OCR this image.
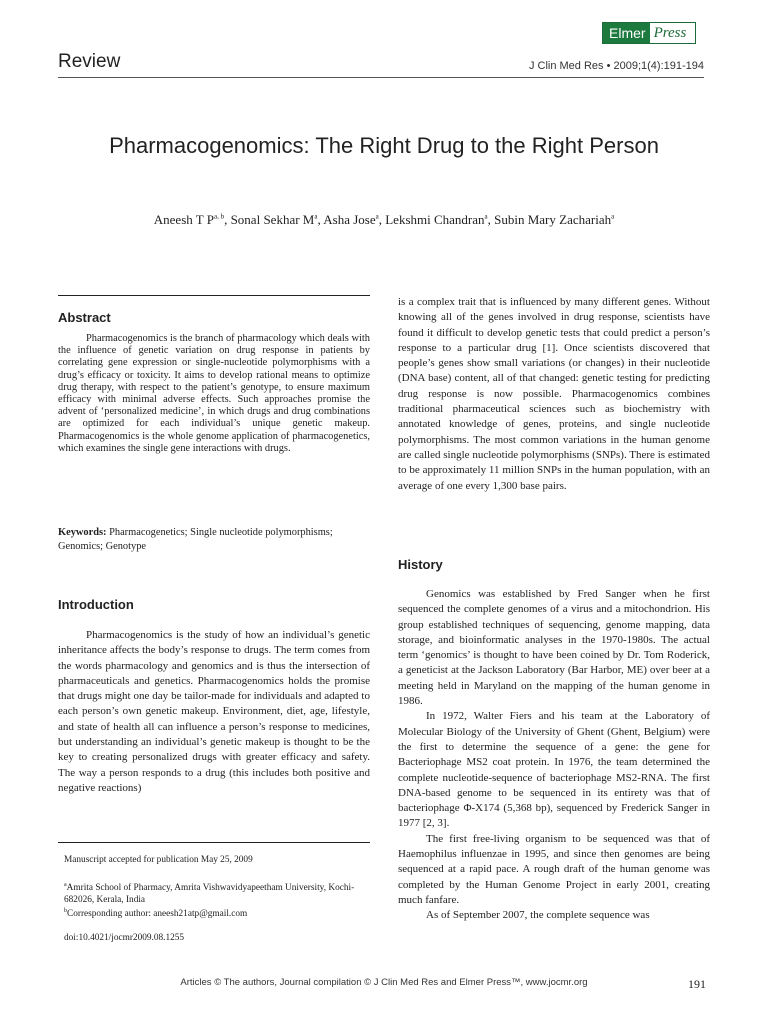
Elmer Press
Review	J Clin Med Res • 2009;1(4):191-194
Pharmacogenomics: The Right Drug to the Right Person
Aneesh T P$^{a, b}$, Sonal Sekhar $M^a$, Asha Jose$^a$, Lekshmi Chandran$^a$, Subin Mary Zachariah$^a$
Abstract
Pharmacogenomics is the branch of pharmacology which deals with the influence of genetic variation on drug response in patients by correlating gene expression or single-nucleotide polymorphisms with a drug’s efficacy or toxicity. It aims to develop rational means to optimize drug therapy, with respect to the patient’s genotype, to ensure maximum efficacy with minimal adverse effects. Such approaches promise the advent of ‘personalized medicine’, in which drugs and drug combinations are optimized for each individual’s unique genetic makeup. Pharmacogenomics is the whole genome application of pharmacogenetics, which examines the single gene interactions with drugs.
Keywords: Pharmacogenetics; Single nucleotide polymorphisms; Genomics; Genotype
Introduction
Pharmacogenomics is the study of how an individual’s genetic inheritance affects the body’s response to drugs. The term comes from the words pharmacology and genomics and is thus the intersection of pharmaceuticals and genetics. Pharmacogenomics holds the promise that drugs might one day be tailor-made for individuals and adapted to each person’s own genetic makeup. Environment, diet, age, lifestyle, and state of health all can influence a person’s response to medicines, but understanding an individual’s genetic makeup is thought to be the key to creating personalized drugs with greater efficacy and safety. The way a person responds to a drug (this includes both positive and negative reactions)
Manuscript accepted for publication May 25, 2009
$^a$Amrita School of Pharmacy, Amrita Vishwavidyapeetham University, Kochi-682026, Kerala, India
$^b$Corresponding author: aneesh21atp@gmail.com
doi:10.4021/jocmr2009.08.1255
is a complex trait that is influenced by many different genes. Without knowing all of the genes involved in drug response, scientists have found it difficult to develop genetic tests that could predict a person’s response to a particular drug [1]. Once scientists discovered that people’s genes show small variations (or changes) in their nucleotide (DNA base) content, all of that changed: genetic testing for predicting drug response is now possible. Pharmacogenomics combines traditional pharmaceutical sciences such as biochemistry with annotated knowledge of genes, proteins, and single nucleotide polymorphisms. The most common variations in the human genome are called single nucleotide polymorphisms (SNPs). There is estimated to be approximately 11 million SNPs in the human population, with an average of one every 1,300 base pairs.
History
Genomics was established by Fred Sanger when he first sequenced the complete genomes of a virus and a mitochondrion. His group established techniques of sequencing, genome mapping, data storage, and bioinformatic analyses in the 1970-1980s. The actual term ‘genomics’ is thought to have been coined by Dr. Tom Roderick, a geneticist at the Jackson Laboratory (Bar Harbor, ME) over beer at a meeting held in Maryland on the mapping of the human genome in 1986.
In 1972, Walter Fiers and his team at the Laboratory of Molecular Biology of the University of Ghent (Ghent, Belgium) were the first to determine the sequence of a gene: the gene for Bacteriophage MS2 coat protein. In 1976, the team determined the complete nucleotide-sequence of bacteriophage MS2-RNA. The first DNA-based genome to be sequenced in its entirety was that of bacteriophage Φ-X174 (5,368 bp), sequenced by Frederick Sanger in 1977 [2, 3].
The first free-living organism to be sequenced was that of Haemophilus influenzae in 1995, and since then genomes are being sequenced at a rapid pace. A rough draft of the human genome was completed by the Human Genome Project in early 2001, creating much fanfare.
As of September 2007, the complete sequence was
Articles © The authors, Journal compilation © J Clin Med Res and Elmer Press™, www.jocmr.org	191
